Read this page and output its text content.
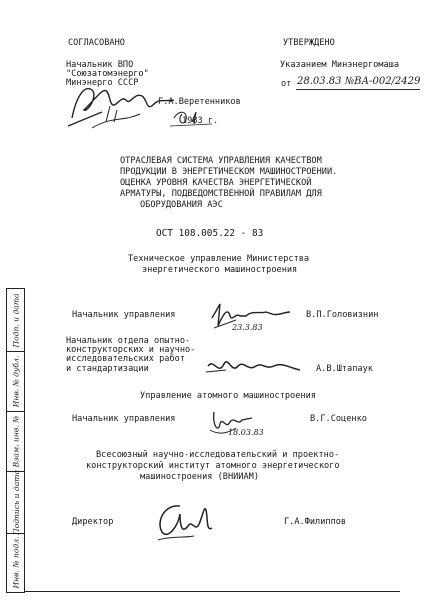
СОГЛАСОВАНО
Начальник ВПО
"Союзатомэнерго"
Минэнерго СССР
Г.А.Веретенников
1983 г.
УТВЕРЖДЕНО
Указанием Минэнергомаша
от 28.03.83 №ВА-002/2429
ОТРАСЛЕВАЯ СИСТЕМА УПРАВЛЕНИЯ КАЧЕСТВОМ
ПРОДУКЦИИ В ЭНЕРГЕТИЧЕСКОМ МАШИНОСТРОЕНИИ.
ОЦЕНКА УРОВНЯ КАЧЕСТВА ЭНЕРГЕТИЧЕСКОЙ
АРМАТУРЫ, ПОДВЕДОМСТВЕННОЙ ПРАВИЛАМ ДЛЯ
ОБОРУДОВАНИЯ АЭС
ОСТ 108.005.22 - 83
Техническое управление Министерства
энергетического машиностроения
Подп. и дата
Инв. № дубл.
Взам. инв. №
Подпись и дата
Инв. № подл.
Начальник управления	В.П.Головизнин
23.3.83
Начальник отдела опытно-
конструкторских и научно-
исследовательских работ
и стандартизации	А.В.Штапаук
Управление атомного машиностроения
Начальник управления	В.Г.Соценко
18.03.83
Всесоюзный научно-исследовательский и проектно-
конструкторский институт атомного энергетического
машиностроения (ВНИИАМ)
Директор	Г.А.Филиппов
